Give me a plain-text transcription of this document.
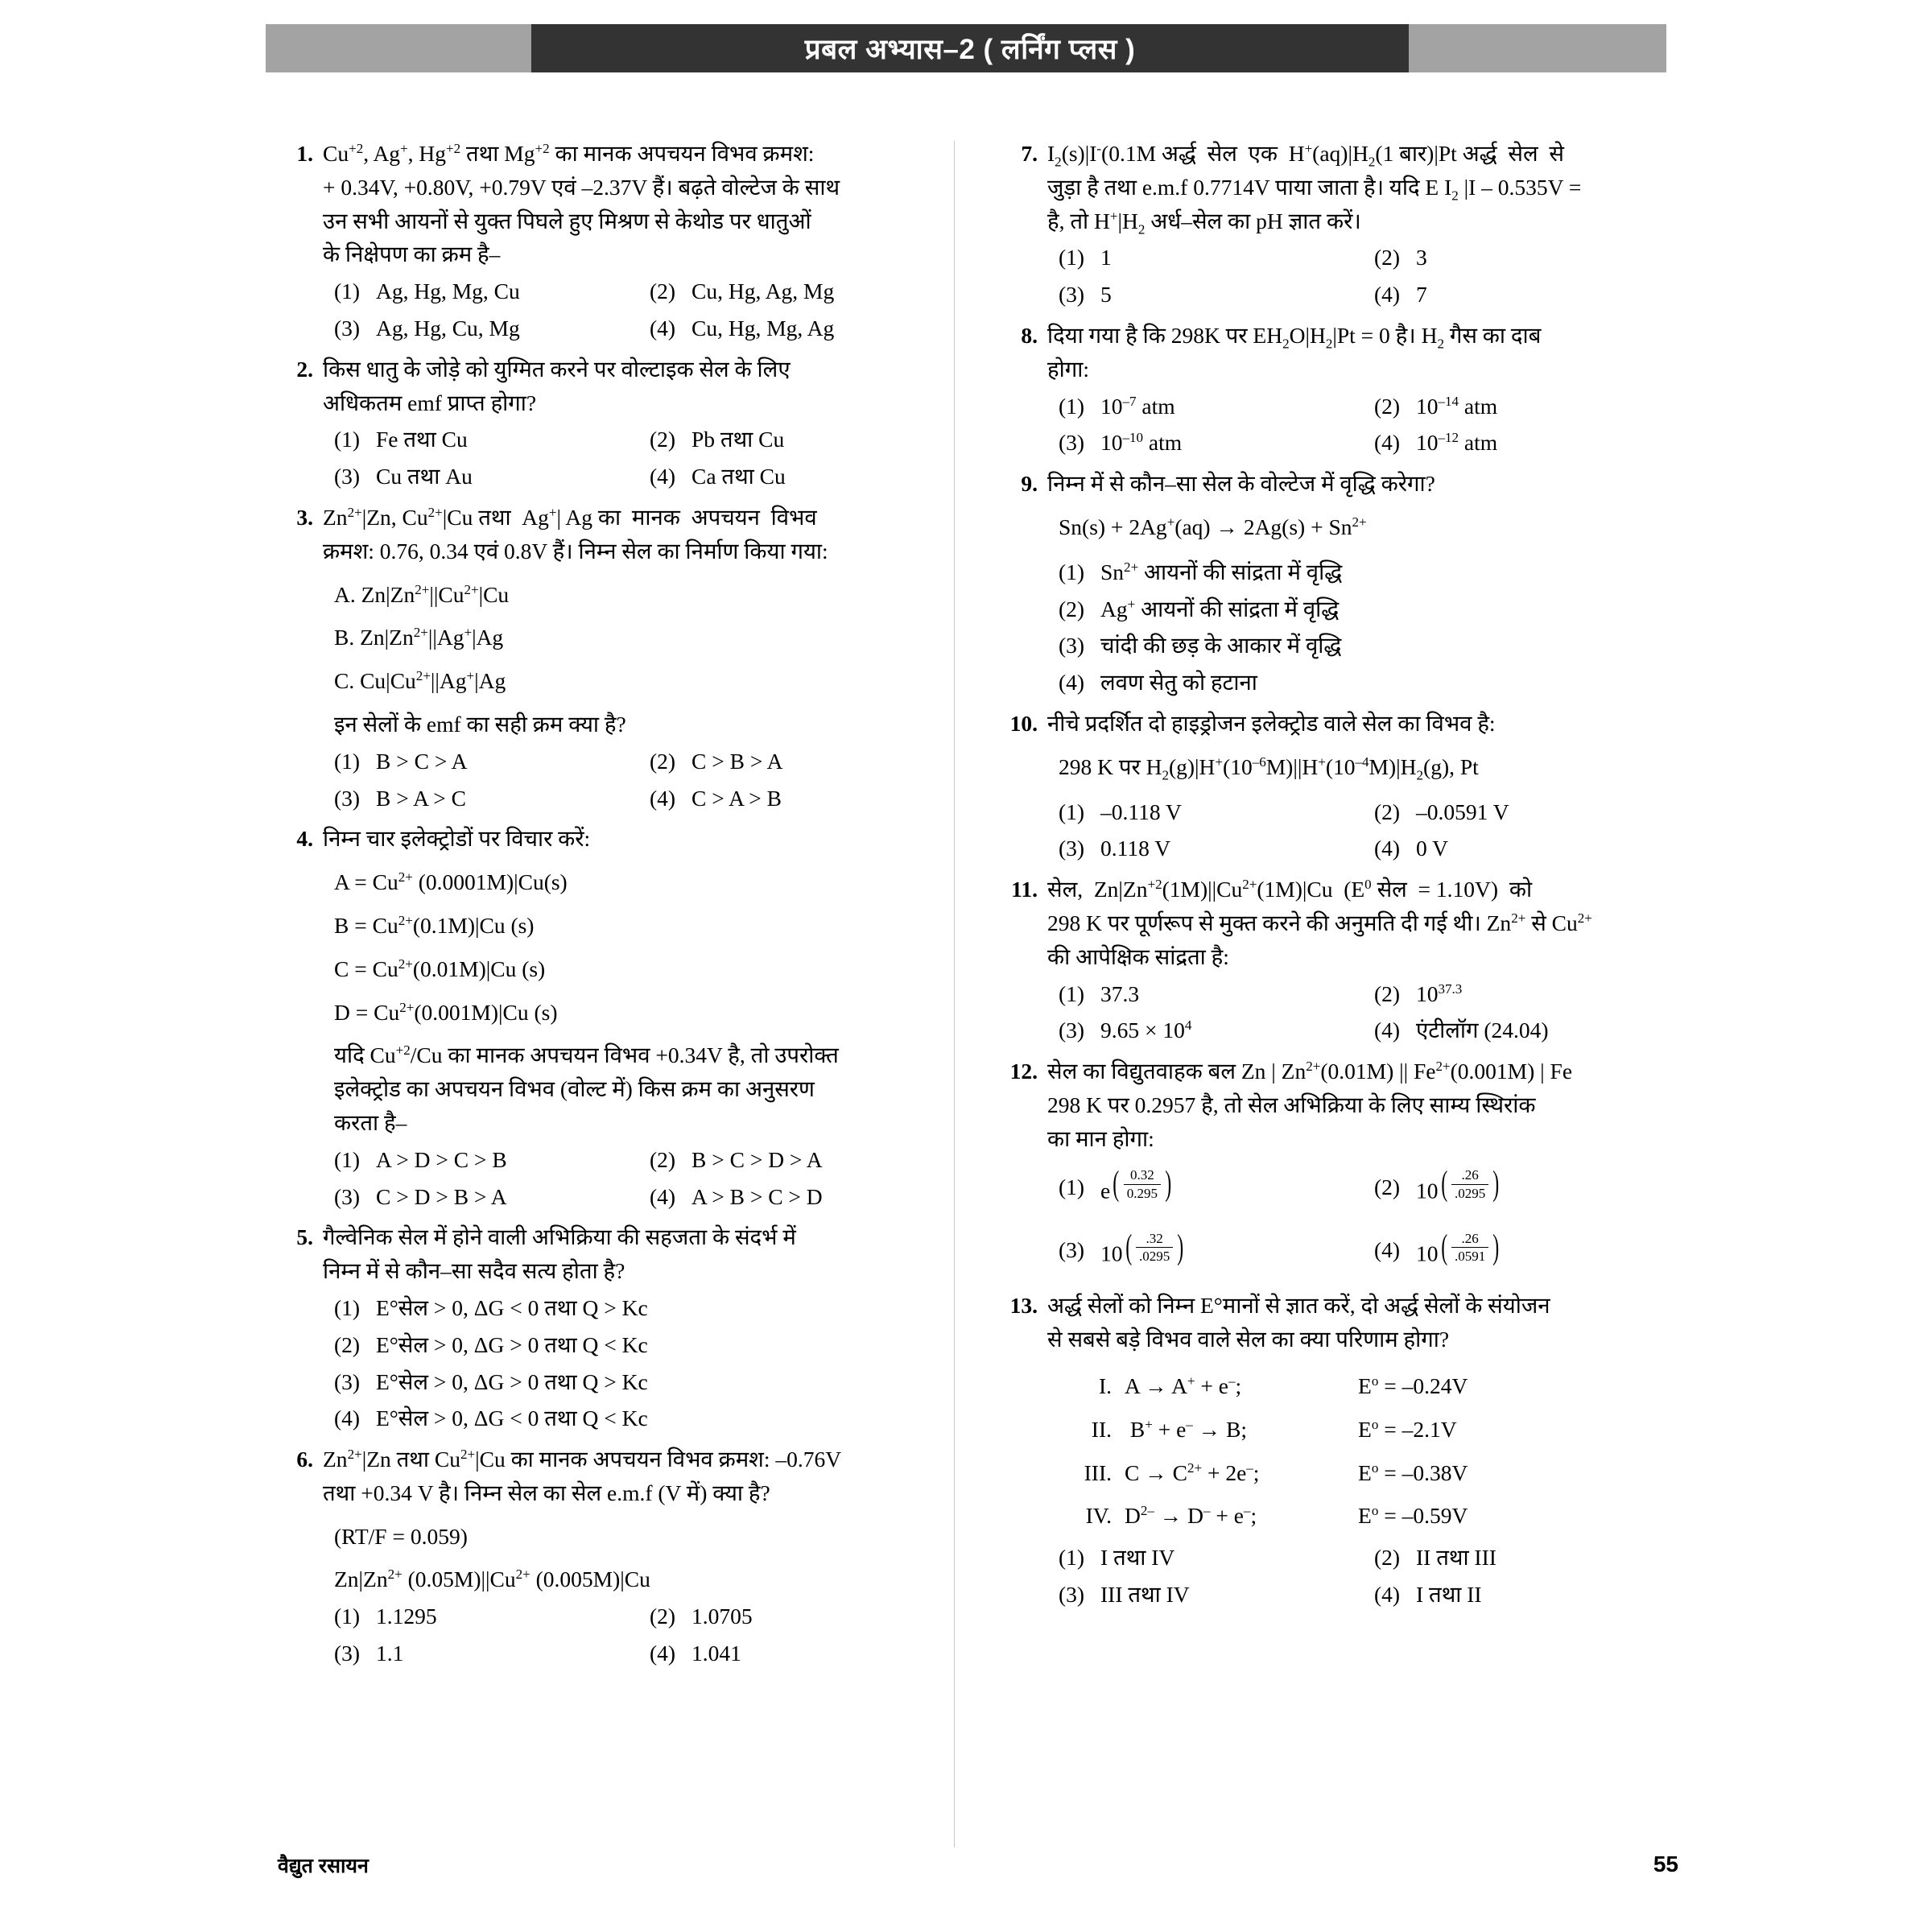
प्रबल अभ्यास–2 ( लर्निंग प्लस )
1. $Cu^{+2}$, Ag+, $Hg^{+2}$ तथा $Mg^{+2}$ का मानक अपचयन विभव क्रमश:
+ 0.34V, +0.80V, +0.79V एवं –2.37V हैं। बढ़ते वोल्टेज के साथ
उन सभी आयनों से युक्त पिघले हुए मिश्रण से केथोड पर धातुओं
के निक्षेपण का क्रम है–
(1) Ag, Hg, Mg, Cu	(2) Cu, Hg, Ag, Mg
(3) Ag, Hg, Cu, Mg	(4) Cu, Hg, Mg, Ag
2. किस धातु के जोड़े को युग्मित करने पर वोल्टाइक सेल के लिए
अधिकतम emf प्राप्त होगा?
(1) Fe तथा Cu	(2) Pb तथा Cu
(3) Cu तथा Au	(4) Ca तथा Cu
3. $Zn^{2+}|Zn$, $Cu^{2+}|Cu$ तथा  Ag+| Ag का  मानक  अपचयन  विभव
क्रमश: 0.76, 0.34 एवं 0.8V हैं। निम्न सेल का निर्माण किया गया:
A. $Zn|Zn^{2+}||Cu^{2+}|Cu$
B. $Zn|Zn^{2+}||Ag^+|Ag$
C. $Cu|Cu^{2+}||Ag^+|Ag$
इन सेलों के emf का सही क्रम क्या है?
(1) B > C > A	(2) C > B > A
(3) B > A > C	(4) C > A > B
4. निम्न चार इलेक्ट्रोडों पर विचार करें:
$A = Cu^{2+}$ (0.0001M)|Cu(s)
$B = Cu^{2+}(0.1M)|Cu$ (s)
$C = Cu^{2+}(0.01M)|Cu$ (s)
$D = Cu^{2+}(0.001M)|Cu$ (s)
यदि $Cu^{+2}/Cu$ का मानक अपचयन विभव +0.34V है, तो उपरोक्त
इलेक्ट्रोड का अपचयन विभव (वोल्ट में) किस क्रम का अनुसरण
करता है–
(1) A > D > C > B	(2) B > C > D > A
(3) C > D > B > A	(4) A > B > C > D
5. गैल्वेनिक सेल में होने वाली अभिक्रिया की सहजता के संदर्भ में
निम्न में से कौन–सा सदैव सत्य होता है?
(1) E°सेल > 0, ΔG < 0 तथा Q > Kc
(2) E°सेल > 0, ΔG > 0 तथा Q < Kc
(3) E°सेल > 0, ΔG > 0 तथा Q > Kc
(4) E°सेल > 0, ΔG < 0 तथा Q < Kc
6. $Zn^{2+}|Zn$ तथा $Cu^{2+}|Cu$ का मानक अपचयन विभव क्रमश: –0.76V
तथा +0.34 V है। निम्न सेल का सेल e.m.f (V में) क्या है?
(RT/F = 0.059)
$Zn|Zn^{2+}$ $(0.05M)||Cu^{2+}$ (0.005M)|Cu
(1) 1.1295	(2) 1.0705
(3) 1.1	(4) 1.041
7. $I_2(s)|I^-(0.1M$ अर्द्ध  सेल  एक  $H^+(aq)|H_2(1$ बार)|Pt अर्द्ध  सेल  से
जुड़ा है तथा e.m.f 0.7714V पाया जाता है। यदि E $I_2$ |I – 0.535V =
है, तो $H^+|H_2$ अर्ध–सेल का pH ज्ञात करें।
(1) 1	(2) 3
(3) 5	(4) 7
8. दिया गया है कि 298K पर $EH_2O|H_2|Pt = 0$ है। $H_2$ गैस का दाब
होगा:
(1) $10^{-7}$ atm	(2) $10^{-14}$ atm
(3) $10^{-10}$ atm	(4) $10^{-12}$ atm
9. निम्न में से कौन–सा सेल के वोल्टेज में वृद्धि करेगा?
$Sn(s) + 2Ag^+(aq) \to 2Ag(s) + Sn^{2+}$
(1) $Sn^{2+}$ आयनों की सांद्रता में वृद्धि
(2) Ag+ आयनों की सांद्रता में वृद्धि
(3) चांदी की छड़ के आकार में वृद्धि
(4) लवण सेतु को हटाना
10. नीचे प्रदर्शित दो हाइड्रोजन इलेक्ट्रोड वाले सेल का विभव है:
298 K पर $H_2(g)|H^+(10^{-6}M)||H^+(10^{-4}M)|H_2(g)$, Pt
(1) –0.118 V	(2) –0.0591 V
(3) 0.118 V	(4) 0 V
11. सेल,  $Zn|Zn^{+2}(1M)||Cu^{2+}(1M)|Cu$  ($E^0$ सेल  = 1.10V)  को
298 K पर पूर्णरूप से मुक्त करने की अनुमति दी गई थी। $Zn^{2+}$ से $Cu^{2+}$
की आपेक्षिक सांद्रता है:
(1) 37.3	(2) $10^{37.3}$
(3) $9.65 \times 10^4$	(4) एंटीलॉग (24.04)
12. सेल का विद्युतवाहक बल Zn | $Zn^{2+}(0.01M)$ || $Fe^{2+}(0.001M)$ | Fe
298 K पर 0.2957 है, तो सेल अभिक्रिया के लिए साम्य स्थिरांक
का मान होगा:
(1) $e( \frac{0.32}{0.295}$ )	(2) $10( \frac{.26}{.0295}$ )
(3) $10( \frac{.32}{.0295}$ )	(4) $10( \frac{.26}{.0591}$ )
13. अर्द्ध सेलों को निम्न E°मानों से ज्ञात करें, दो अर्द्ध सेलों के संयोजन
से सबसे बड़े विभव वाले सेल का क्या परिणाम होगा?
I. A → A+ + e–;	$E^o = -0.24V$
II. B+ + e– → B;	$E^o = -2.1V$
III. $C \to C^{2+} + 2e^-$;	$E^o = -0.38V$
IV. $D^{2-} \to D^- + e^-$;	$E^o = -0.59V$
(1) I तथा IV	(2) II तथा III
(3) III तथा IV	(4) I तथा II
वैद्युत रसायन	55
